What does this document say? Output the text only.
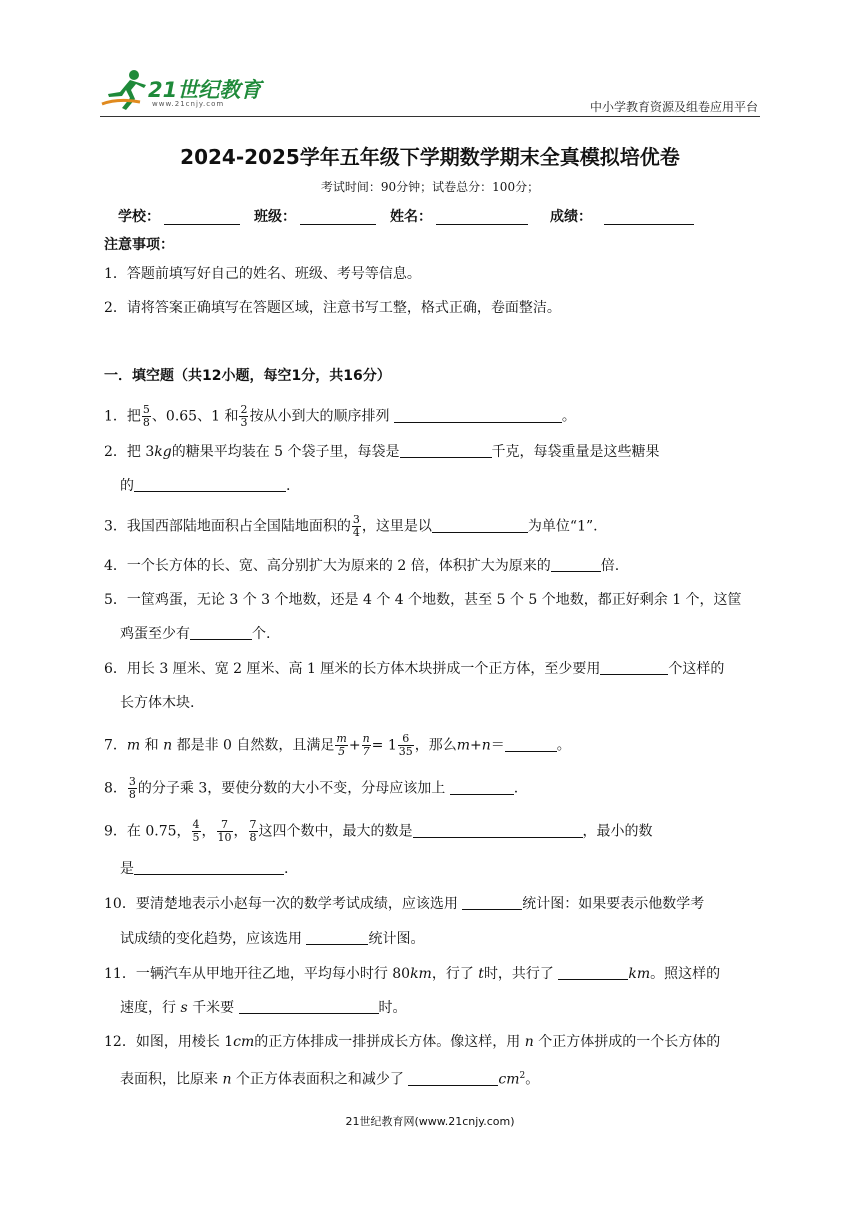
21世纪教育
www.21cnjy.com	中小学教育资源及组卷应用平台
2024-2025学年五年级下学期数学期末全真模拟培优卷
考试时间：90分钟；试卷总分：100分；
学校：	班级：	姓名：	成绩：
注意事项：
1．答题前填写好自己的姓名、班级、考号等信息。
2．请将答案正确填写在答题区域，注意书写工整，格式正确，卷面整洁。
一．填空题（共12小题，每空1分，共16分）
1．把 $\frac{5}{8}$ 、0.65、1 和 $\frac{2}{3}$ 按从小到大的顺序排列	。
2．把 3kg的糖果平均装在 5 个袋子里，每袋是	千克，每袋重量是这些糖果
的	.
3．我国西部陆地面积占全国陆地面积的 $\frac{3}{4}$ ，这里是以	为单位“1”.
4．一个长方体的长、宽、高分别扩大为原来的 2 倍，体积扩大为原来的	倍.
5．一筐鸡蛋，无论 3 个 3 个地数，还是 4 个 4 个地数，甚至 5 个 5 个地数，都正好剩余 1 个，这筐
鸡蛋至少有	个.
6．用长 3 厘米、宽 2 厘米、高 1 厘米的长方体木块拼成一个正方体，至少要用	个这样的
长方体木块.
7．m 和 n 都是非 0 自然数，且满足 $\frac{m}{5} + \frac{n}{7} = 1 \frac{6}{35}$ ，那么m+n＝	。
8． $\frac{3}{8}$ 的分子乘 3，要使分数的大小不变，分母应该加上	.
9．在 0.75， $\frac{4}{5}$ ， $\frac{7}{10}$ ， $\frac{7}{8}$ 这四个数中，最大的数是	，最小的数
是	.
10．要清楚地表示小赵每一次的数学考试成绩，应该选用	统计图：如果要表示他数学考
试成绩的变化趋势，应该选用	统计图。
11．一辆汽车从甲地开往乙地，平均每小时行 80km，行了 t时，共行了	km。照这样的
速度，行 s 千米要	时。
12．如图，用棱长 1cm的正方体排成一排拼成长方体。像这样，用 n 个正方体拼成的一个长方体的
表面积，比原来 n 个正方体表面积之和减少了	$cm^2$。
21世纪教育网(www.21cnjy.com)
